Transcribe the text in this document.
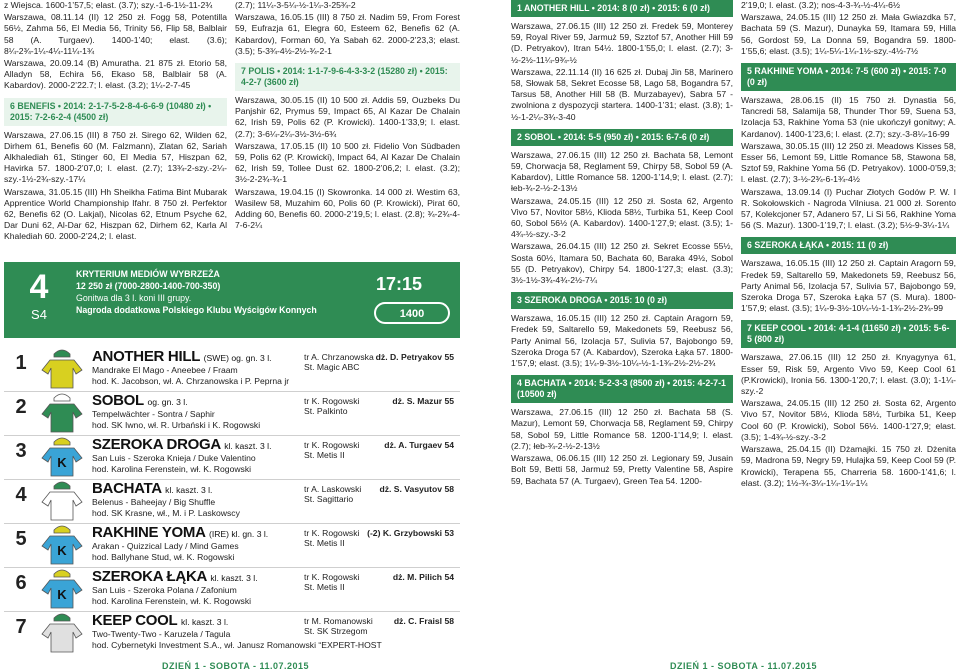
z Wiejsca. 1600-1’57,5; elast. (3.7); szy.-1-6-1½-11-2¾

Warszawa, 08.11.14 (II) 12 250 zł. Fogg 58, Potentilla 56½, Zahma 56, El Media 56, Trinity 56, Flip 58, Balblair 58 (A. Turgaev). 1400-1’40; elast. (3.6); 8¼-2¾-1¼-4¼-11¼-1¾

Warszawa, 20.09.14 (B) Amuratha. 21 875 zł. Etorio 58, Alladyn 58, Echira 56, Ekaso 58, Balblair 58 (A. Kabardov). 2000-2’22.7; l. elast. (3.2); 1¼-2-7-45

6 BENEFIS • 2014: 2-1-7-5-2-8-4-6-6-9 (10480 zł) • 2015: 7-2-6-2-4 (4500 zł)

Warszawa, 27.06.15 (III) 8 750 zł. Sirego 62, Wilden 62, Dirhem 61, Benefis 60 (M. Falzmann), Zlatan 62, Sariah Alkhalediah 61, Stinger 60, El Media 57, Hiszpan 62, Havirka 57. 1800-2’07,0; l. elast. (2.7); 13¾-2-szy.-2¼-szy.-1½-2¾-szy.-17¼

Warszawa, 31.05.15 (III) Hh Sheikha Fatima Bint Mubarak Apprentice World Championship Ifahr. 8 750 zł. Perfektor 62, Benefis 62 (O. Lakjal), Nicolas 62, Etnum Psyche 62, Dar Duni 62, Al-Dar 62, Hiszpan 62, Dirhem 62, Karla Al Khalediah 60. 2000-2’24,2; l. elast.

(2.7); 11¼-3-5¼-½-1¼-3-25¾-2

Warszawa, 16.05.15 (III) 8 750 zł. Nadim 59, From Forest 59, Eufrazja 61, Elegra 60, Esteem 62, Benefis 62 (A. Kabardov), Forman 60, Ya Sabah 62. 2000-2’23,3; elast. (3.5); 5-3¾-4½-2½-¾-2-1

7 POLIS • 2014: 1-1-7-9-6-4-3-3-2 (15280 zł) • 2015: 4-2-7 (3600 zł)

Warszawa, 30.05.15 (II) 10 500 zł. Addis 59, Ouzbeks Du Panjshir 62, Prymus 59, Impact 65, Al Kazar De Chalain 62, Irish 59, Polis 62 (P. Krowicki). 1400-1’33,9; l. elast. (2.7); 3-6¼-2¼-3½-3½-6¾

Warszawa, 17.05.15 (II) 10 500 zł. Fidelio Von Südbaden 59, Polis 62 (P. Krowicki), Impact 64, Al Kazar De Chalain 62, Irish 59, Tollee Dust 62. 1800-2’06,2; l. elast. (3.2); 3½-2-2¾-¾-1

Warszawa, 19.04.15 (I) Skowronka. 14 000 zł. Westim 63, Wasilew 58, Muzahim 60, Polis 60 (P. Krowicki), Pirat 60, Adding 60, Benefis 60. 2000-2’19,5; l. elast. (2.8); ¾-2¾-4-7-6-2¼

4
S4
KRYTERIUM MEDIÓW WYBRZEŻA
12 250 zł (7000-2800-1400-700-350)
Gonitwa dla 3 l. koni III grupy.
Nagroda dodatkowa Polskiego Klubu Wyścigów Konnych
17:15
1400
1	ANOTHER HILL (SWE) og. gn. 3 l.
Mandrake El Mago - Aneebee / Fraam
hod. K. Jacobson, wł. A. Chrzanowska i P. Peprna jr
tr A. Chrzanowska
St. Magic ABC
dż. D. Petryakov 55
2	SOBOL og. gn. 3 l.
Tempelwächter - Sontra / Saphir
hod. SK Iwno, wł. R. Urbański i K. Rogowski
tr K. Rogowski
St. Palkinto
dż. S. Mazur 55
3
K
SZEROKA DROGA kl. kaszt. 3 l.
San Luis - Szeroka Knieja / Duke Valentino
hod. Karolina Ferenstein, wł. K. Rogowski
tr K. Rogowski
St. Metis II
dż. A. Turgaev 54
4	BACHATA kl. kaszt. 3 l.
Belenus - Baheejay / Big Shuffle
hod. SK Krasne, wł., M. i P. Laskowscy
tr A. Laskowski
St. Sagittario
dż. S. Vasyutov 58
5
K
RAKHINE YOMA (IRE) kl. gn. 3 l.
Arakan - Quizzical Lady / Mind Games
hod. Ballyhane Stud, wł. K. Rogowski
tr K. Rogowski
St. Metis II
(-2) K. Grzybowski 53
6
K
SZEROKA ŁĄKA kl. kaszt. 3 l.
San Luis - Szeroka Polana / Zafonium
hod. Karolina Ferenstein, wł. K. Rogowski
tr K. Rogowski
St. Metis II
dż. M. Pilich 54
7	KEEP COOL kl. kaszt. 3 l.
Two-Twenty-Two - Karuzela / Tagula
hod. Cybernetyki Investment S.A., wł. Janusz Romanowski “EXPERT-HOST
tr M. Romanowski
St. SK Strzegom
dż. C. Fraisl 58
1 ANOTHER HILL • 2014: 8 (0 zł) • 2015: 6 (0 zł)

Warszawa, 27.06.15 (III) 12 250 zł. Fredek 59, Monterey 59, Royal River 59, Jarmuż 59, Szztof 57, Another Hill 59 (D. Petryakov), Itran 54½. 1800-1’55,0; l. elast. (2.7); 3-½-2½-11¼-9¾-½

Warszawa, 22.11.14 (II) 16 625 zł. Dubaj Jin 58, Marinero 58, Słowak 58, Sekret Ecosse 58, Lago 58, Bogandra 57, Tarsus 58, Another Hill 58 (B. Murzabayev), Sabra 57 - zwolniona z dyspozycji startera. 1400-1’31; elast. (3.8); 1-½-1-2¼-3¾-3-40

2 SOBOL • 2014: 5-5 (950 zł) • 2015: 6-7-6 (0 zł)

Warszawa, 27.06.15 (III) 12 250 zł. Bachata 58, Lemont 59, Chorwacja 58, Reglament 59, Chirpy 58, Sobol 59 (A. Kabardov), Little Romance 58. 1200-1’14,9; l. elast. (2.7); łeb-¾-2-½-2-13½

Warszawa, 24.05.15 (III) 12 250 zł. Sosta 62, Argento Vivo 57, Novitor 58½, Klioda 58½, Turbika 51, Keep Cool 60, Sobol 56½ (A. Kabardov). 1400-1’27,9; elast. (3.5); 1-4¾-½-szy.-3-2

Warszawa, 26.04.15 (III) 12 250 zł. Sekret Ecosse 55½, Sosta 60½, Itamara 50, Bachata 60, Baraka 49½, Sobol 55 (D. Petryakov), Chirpy 54. 1800-1’27,3; elast. (3.3); 3½-1½-3¾-4¾-2½-7¼

3 SZEROKA DROGA • 2015: 10 (0 zł)

Warszawa, 16.05.15 (III) 12 250 zł. Captain Aragorn 59, Fredek 59, Saltarello 59, Makedonets 59, Reebusz 56, Party Animal 56, Izolacja 57, Sulivia 57, Bajobongo 59, Szeroka Droga 57 (A. Kabardov), Szeroka Łąka 57. 1800-1’57,9; elast. (3.5); 1¼-9-3½-10¼-½-1-1¾-2½-2½-2¾

4 BACHATA • 2014: 5-2-3-3 (8500 zł) • 2015: 4-2-7-1 (10500 zł)

Warszawa, 27.06.15 (III) 12 250 zł. Bachata 58 (S. Mazur), Lemont 59, Chorwacja 58, Reglament 59, Chirpy 58, Sobol 59, Little Romance 58. 1200-1’14,9; l. elast. (2.7); łeb-¾-2-½-2-13½

Warszawa, 06.06.15 (III) 12 250 zł. Legionary 59, Jusain Bolt 59, Betti 58, Jarmuż 59, Pretty Valentine 58, Aspire 59, Bachata 57 (A. Turgaev), Green Tea 54. 1200-

2’19,0; l. elast. (3.2); nos-4-3-¾-½-4¼-6½

Warszawa, 24.05.15 (III) 12 250 zł. Mała Gwiazdka 57, Bachata 59 (S. Mazur), Dunayka 59, Itamara 59, Hilla 56, Gordost 59, La Donna 59, Bogandra 59. 1800-1’55,6; elast. (3.5); 1¼-5¼-1¼-1½-szy.-4½-7½

5 RAKHINE YOMA • 2014: 7-5 (600 zł) • 2015: 7-0 (0 zł)

Warszawa, 28.06.15 (II) 15 750 zł. Dynastia 56, Tancredi 58, Salamija 58, Thunder Thor 59, Suena 53, Izolacja 53, Rakhine Yoma 53 (nie ukończył gonitwy; A. Kardanov). 1400-1’23,6; l. elast. (2.7); szy.-3-8¼-16-99

Warszawa, 30.05.15 (III) 12 250 zł. Meadows Kisses 58, Esser 56, Lemont 59, Little Romance 58, Stawona 58, Sztof 59, Rakhine Yoma 56 (D. Petryakov). 1000-0’59,3; l. elast. (2.7); 3-½-2¾-6-1¾-4½

Warszawa, 13.09.14 (I) Puchar Złotych Godów P. W. I R. Sokołowskich - Nagroda Vilniusa. 21 000 zł. Sorento 57, Kolekcjoner 57, Adanero 57, Li Si 56, Rakhine Yoma 56 (S. Mazur). 1300-1’19,7; l. elast. (3.2); 5½-9-3¼-1¼

6 SZEROKA ŁĄKA • 2015: 11 (0 zł)

Warszawa, 16.05.15 (III) 12 250 zł. Captain Aragorn 59, Fredek 59, Saltarello 59, Makedonets 59, Reebusz 56, Party Animal 56, Izolacja 57, Sulivia 57, Bajobongo 59, Szeroka Droga 57, Szeroka Łąka 57 (S. Mura). 1800-1’57,9; elast. (3.5); 1¼-9-3½-10¼-½-1-1¾-2½-2¾-99

7 KEEP COOL • 2014: 4-1-4 (11650 zł) • 2015: 5-6-5 (800 zł)

Warszawa, 27.06.15 (III) 12 250 zł. Knyagynya 61, Esser 59, Risk 59, Argento Vivo 59, Keep Cool 61 (P.Krowicki), Ironia 56. 1300-1’20,7; l. elast. (3.0); 1-1¼-szy.-2

Warszawa, 24.05.15 (III) 12 250 zł. Sosta 62, Argento Vivo 57, Novitor 58½, Klioda 58½, Turbika 51, Keep Cool 60 (P. Krowicki), Sobol 56½. 1400-1’27,9; elast. (3.5); 1-4¾-½-szy.-3-2

Warszawa, 25.04.15 (II) Dżamajki. 15 750 zł. Dżenita 59, Madrona 59, Negry 59, Hulajka 59, Keep Cool 59 (P. Krowicki), Terapena 55, Charreria 58. 1600-1’41,6; l. elast. (3.2); 1½-¾-3¼-1¼-1¼-1¼

DZIEŃ 1 - SOBOTA - 11.07.2015	DZIEŃ 1 - SOBOTA - 11.07.2015
